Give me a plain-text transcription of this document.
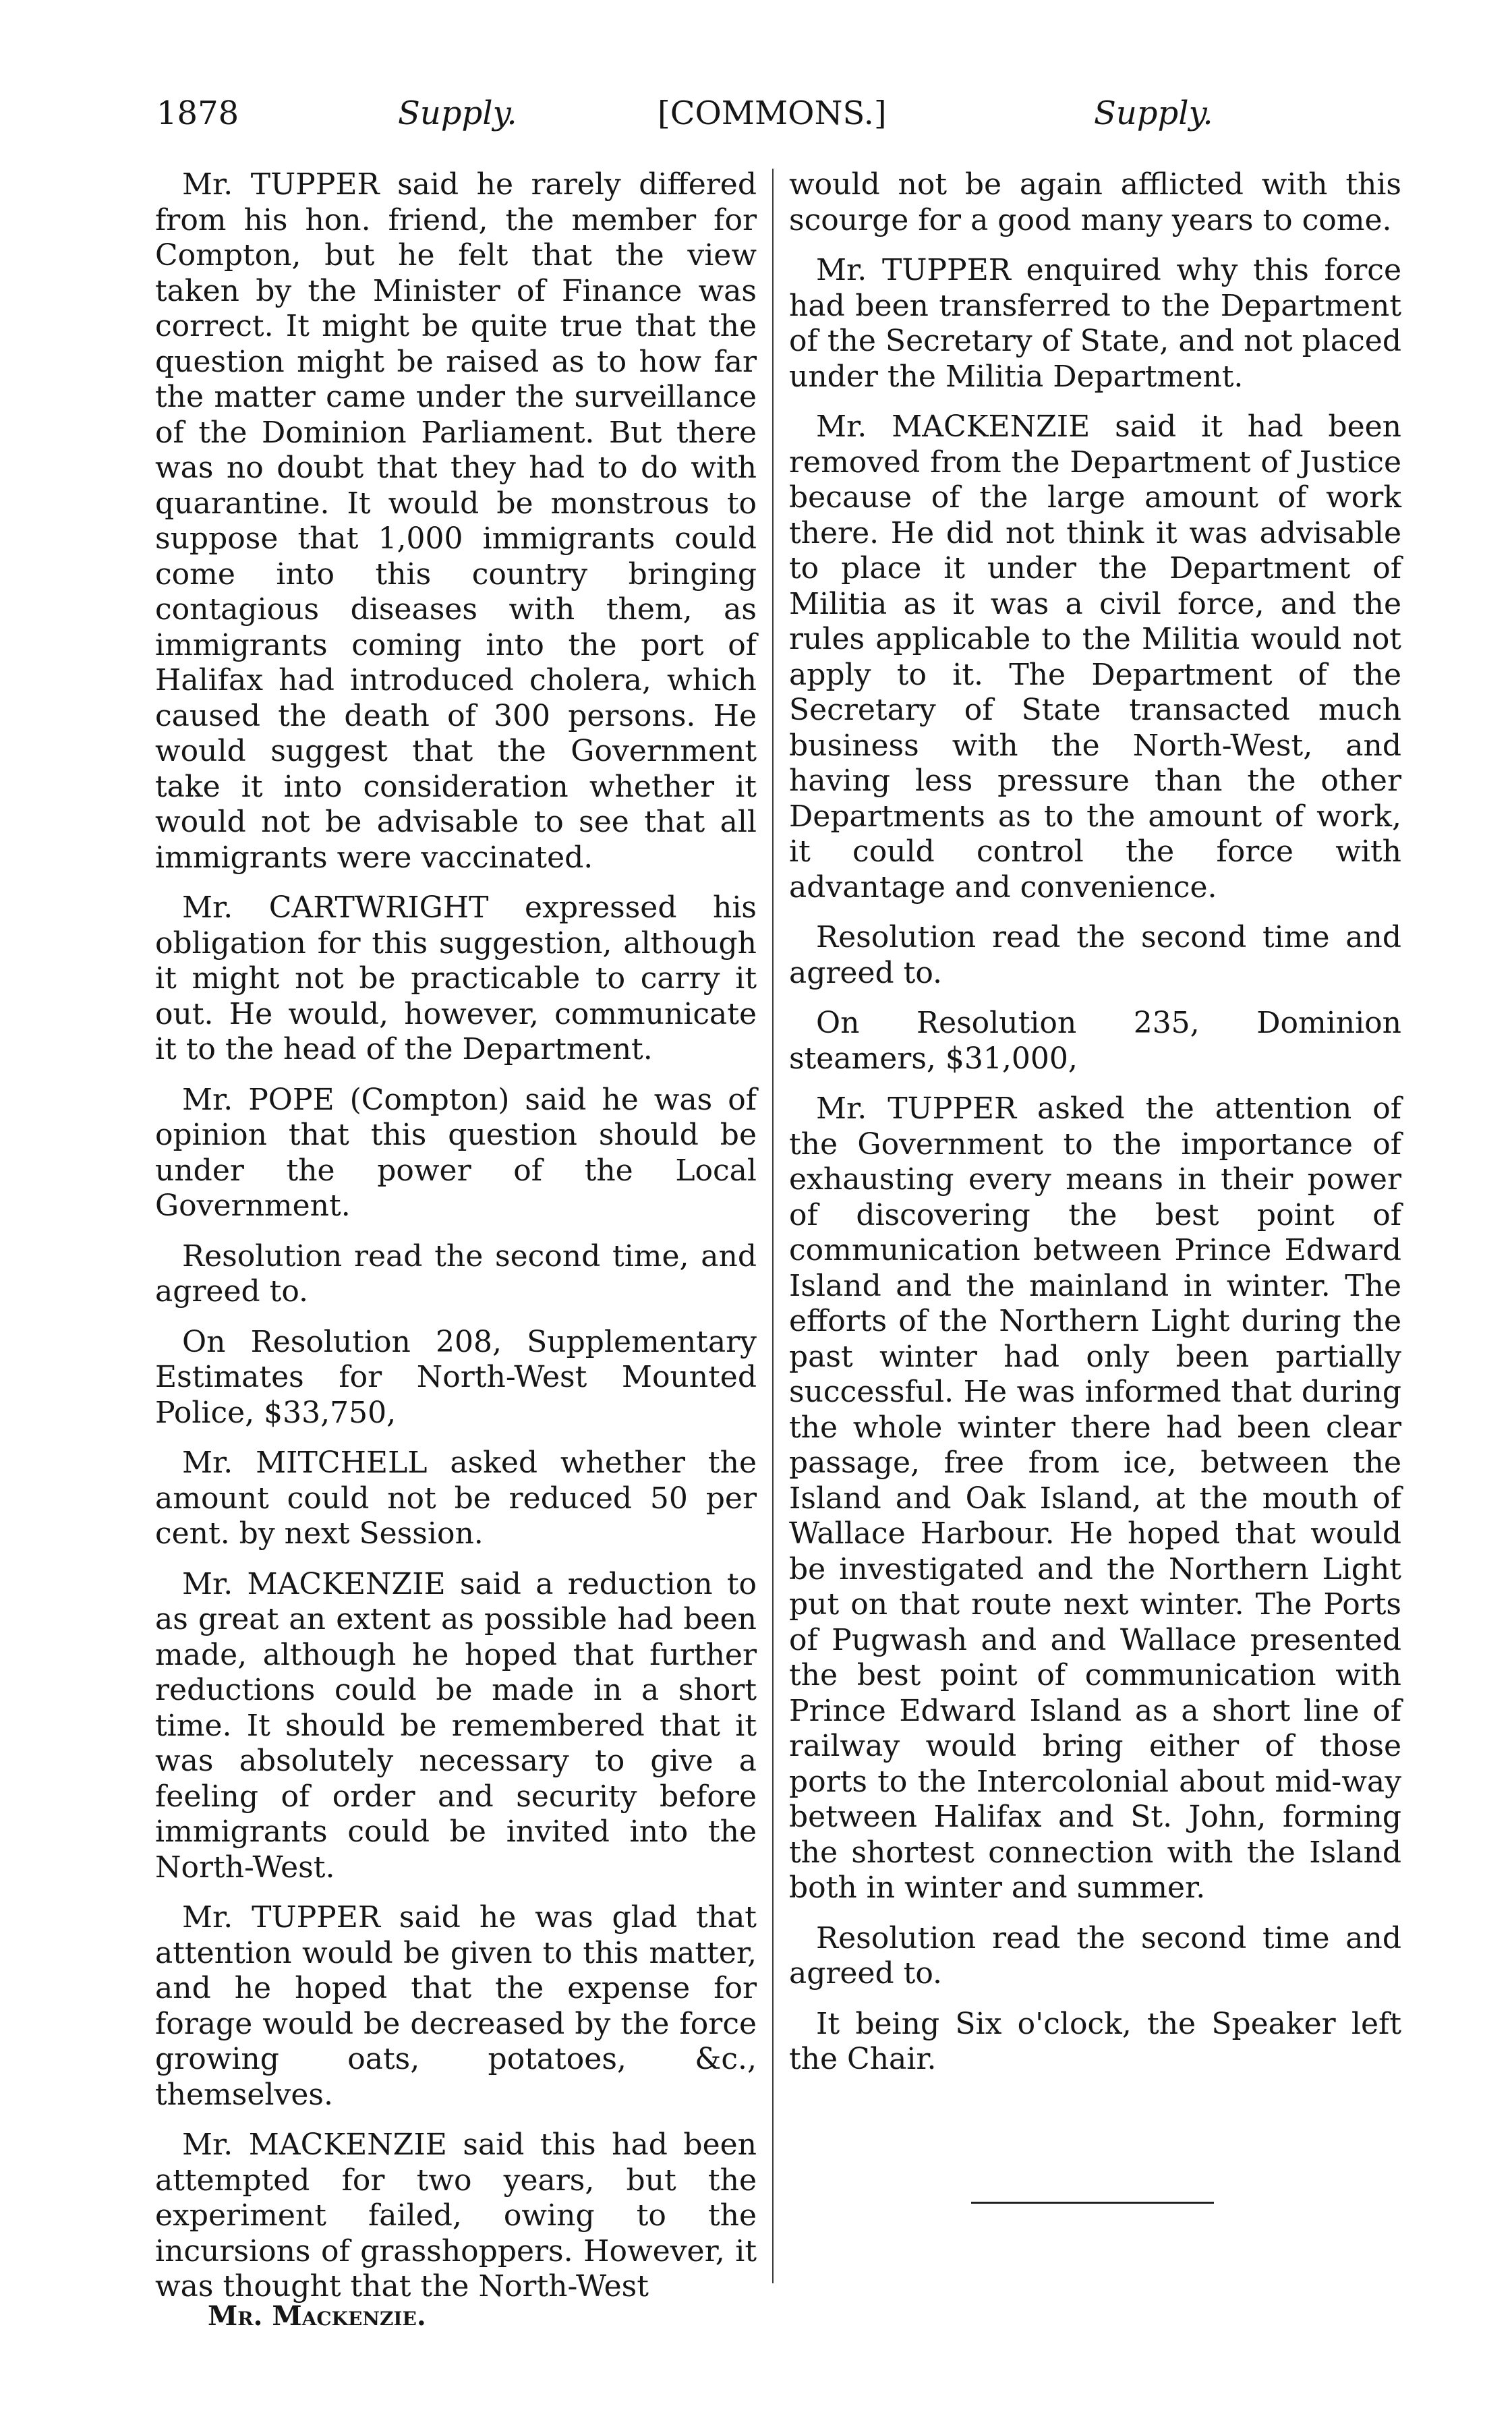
1878	Supply.	[COMMONS.]	Supply.

Mr. TUPPER said he rarely differed from his hon. friend, the member for Compton, but he felt that the view taken by the Minister of Finance was correct. It might be quite true that the question might be raised as to how far the matter came under the surveillance of the Dominion Parliament. But there was no doubt that they had to do with quarantine. It would be monstrous to suppose that 1,000 immigrants could come into this country bringing contagious diseases with them, as immigrants coming into the port of Halifax had introduced cholera, which caused the death of 300 persons. He would suggest that the Government take it into consideration whether it would not be advisable to see that all immigrants were vaccinated.

Mr. CARTWRIGHT expressed his obligation for this suggestion, although it might not be practicable to carry it out. He would, however, communicate it to the head of the Department.

Mr. POPE (Compton) said he was of opinion that this question should be under the power of the Local Government.

Resolution read the second time, and agreed to.

On Resolution 208, Supplementary Estimates for North-West Mounted Police, $33,750,

Mr. MITCHELL asked whether the amount could not be reduced 50 per cent. by next Session.

Mr. MACKENZIE said a reduction to as great an extent as possible had been made, although he hoped that further reductions could be made in a short time. It should be remembered that it was absolutely necessary to give a feeling of order and security before immigrants could be invited into the North-West.

Mr. TUPPER said he was glad that attention would be given to this matter, and he hoped that the expense for forage would be decreased by the force growing oats, potatoes, &c., themselves.

Mr. MACKENZIE said this had been attempted for two years, but the experiment failed, owing to the incursions of grasshoppers. However, it was thought that the North-West

would not be again afflicted with this scourge for a good many years to come.

Mr. TUPPER enquired why this force had been transferred to the Department of the Secretary of State, and not placed under the Militia Department.

Mr. MACKENZIE said it had been removed from the Department of Justice because of the large amount of work there. He did not think it was advisable to place it under the Department of Militia as it was a civil force, and the rules applicable to the Militia would not apply to it. The Department of the Secretary of State transacted much business with the North-West, and having less pressure than the other Departments as to the amount of work, it could control the force with advantage and convenience.

Resolution read the second time and agreed to.

On Resolution 235, Dominion steamers, $31,000,

Mr. TUPPER asked the attention of the Government to the importance of exhausting every means in their power of discovering the best point of communication between Prince Edward Island and the mainland in winter. The efforts of the Northern Light during the past winter had only been partially successful. He was informed that during the whole winter there had been clear passage, free from ice, between the Island and Oak Island, at the mouth of Wallace Harbour. He hoped that would be investigated and the Northern Light put on that route next winter. The Ports of Pugwash and and Wallace presented the best point of communication with Prince Edward Island as a short line of railway would bring either of those ports to the Intercolonial about mid-way between Halifax and St. John, forming the shortest connection with the Island both in winter and summer.

Resolution read the second time and agreed to.

It being Six o'clock, the Speaker left the Chair.

Mr. Mackenzie.
